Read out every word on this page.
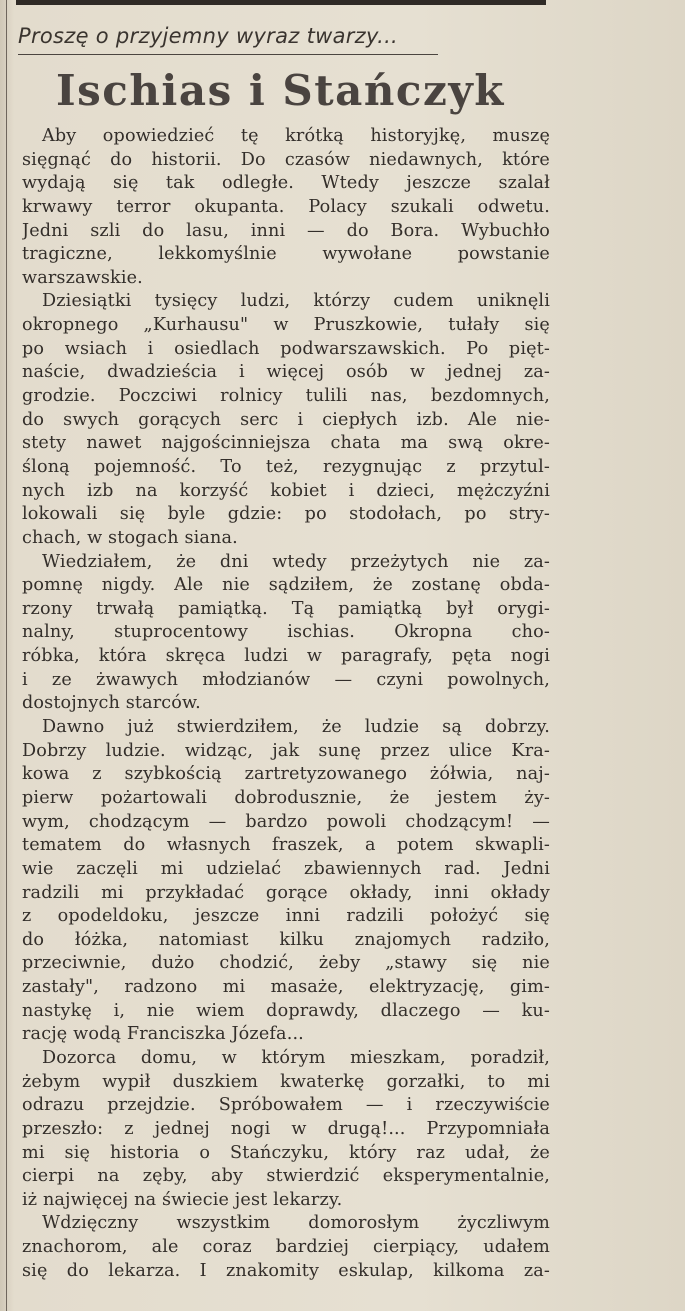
Proszę o przyjemny wyraz twarzy...
Ischias i Stańczyk
Aby opowiedzieć tę krótką historyjkę, muszę
sięgnąć do historii. Do czasów niedawnych, które
wydają się tak odległe. Wtedy jeszcze szalał
krwawy terror okupanta. Polacy szukali odwetu.
Jedni szli do lasu, inni — do Bora. Wybuchło
tragiczne, lekkomyślnie wywołane powstanie
warszawskie.
Dziesiątki tysięcy ludzi, którzy cudem uniknęli
okropnego „Kurhausu" w Pruszkowie, tułały się
po wsiach i osiedlach podwarszawskich. Po pięt-
naście, dwadzieścia i więcej osób w jednej za-
grodzie. Poczciwi rolnicy tulili nas, bezdomnych,
do swych gorących serc i ciepłych izb. Ale nie-
stety nawet najgościnniejsza chata ma swą okre-
śloną pojemność. To też, rezygnując z przytul-
nych izb na korzyść kobiet i dzieci, mężczyźni
lokowali się byle gdzie: po stodołach, po stry-
chach, w stogach siana.
Wiedziałem, że dni wtedy przeżytych nie za-
pomnę nigdy. Ale nie sądziłem, że zostanę obda-
rzony trwałą pamiątką. Tą pamiątką był orygi-
nalny, stuprocentowy ischias. Okropna cho-
róbka, która skręca ludzi w paragrafy, pęta nogi
i ze żwawych młodzianów — czyni powolnych,
dostojnych starców.
Dawno już stwierdziłem, że ludzie są dobrzy.
Dobrzy ludzie. widząc, jak sunę przez ulice Kra-
kowa z szybkością zartretyzowanego żółwia, naj-
pierw pożartowali dobrodusznie, że jestem ży-
wym, chodzącym — bardzo powoli chodzącym! —
tematem do własnych fraszek, a potem skwapli-
wie zaczęli mi udzielać zbawiennych rad. Jedni
radzili mi przykładać gorące okłady, inni okłady
z opodeldoku, jeszcze inni radzili położyć się
do łóżka, natomiast kilku znajomych radziło,
przeciwnie, dużo chodzić, żeby „stawy się nie
zastały", radzono mi masaże, elektryzację, gim-
nastykę i, nie wiem doprawdy, dlaczego — ku-
rację wodą Franciszka Józefa...
Dozorca domu, w którym mieszkam, poradził,
żebym wypił duszkiem kwaterkę gorzałki, to mi
odrazu przejdzie. Spróbowałem — i rzeczywiście
przeszło: z jednej nogi w drugą!... Przypomniała
mi się historia o Stańczyku, który raz udał, że
cierpi na zęby, aby stwierdzić eksperymentalnie,
iż najwięcej na świecie jest lekarzy.
Wdzięczny wszystkim domorosłym życzliwym
znachorom, ale coraz bardziej cierpiący, udałem
się do lekarza. I znakomity eskulap, kilkoma za-
